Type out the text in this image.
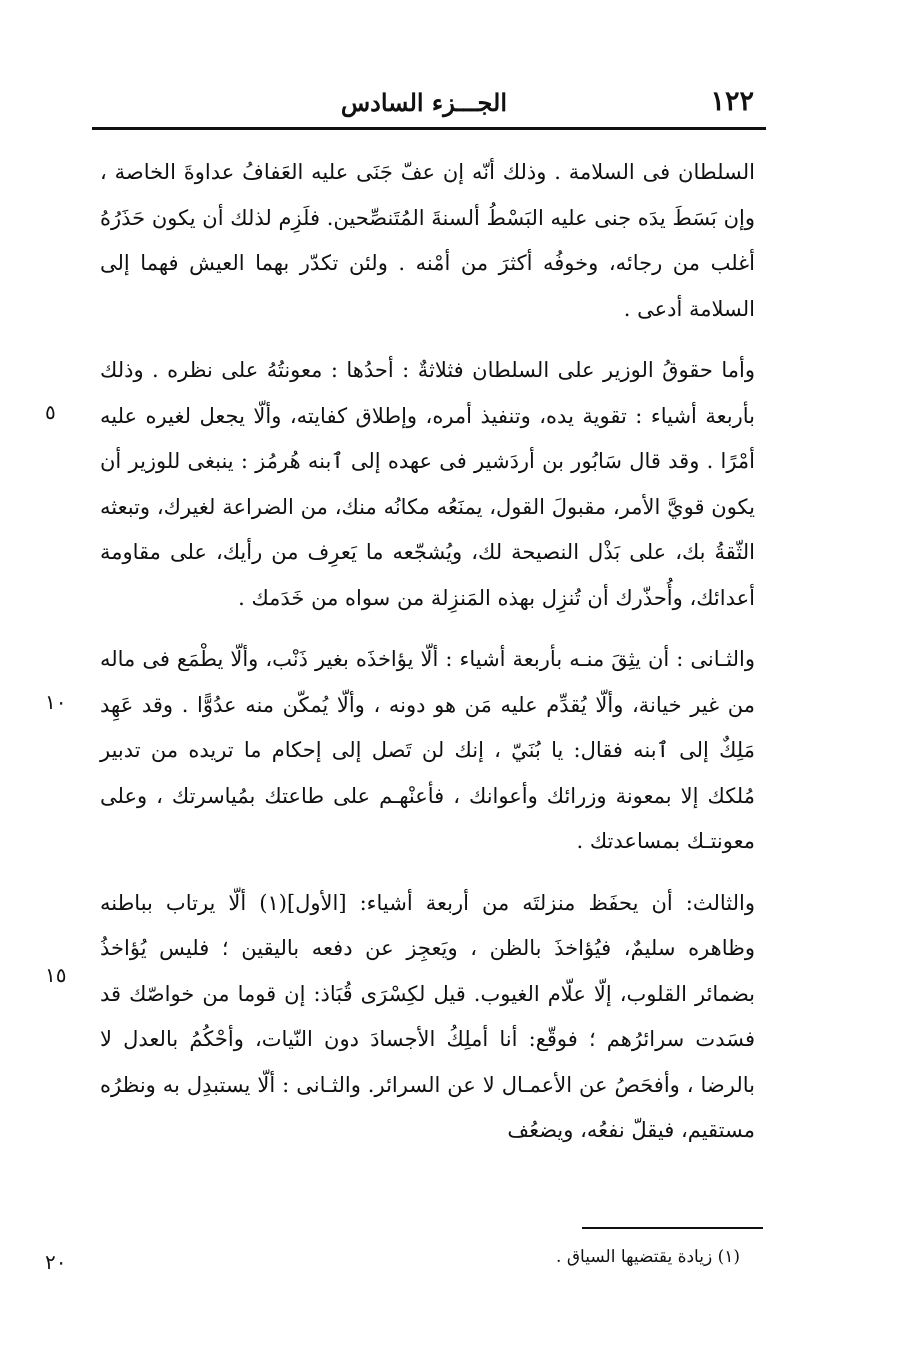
١٢٢
الجـــزء السادس

السلطان فى السلامة . وذلك أنّه إن عفّ جَنَى عليه العَفافُ عداوةَ الخاصة ، وإن بَسَطَ يدَه جنى عليه البَسْطُ ألسنةَ المُتَنصِّحين. فلَزِم لذلك أن يكون حَذَرُهُ أغلب من رجائه، وخوفُه أكثرَ من أمْنه . ولئن تكدّر بهما العيش فهما إلى السلامة أدعى .

وأما حقوقُ الوزير على السلطان فثلاثةٌ : أحدُها : معونتُهُ على نظره . وذلك بأربعة أشياء : تقوية يده، وتنفيذ أمره، وإطلاق كفايته، وألّا يجعل لغيره عليه أمْرًا . وقد قال سَابُور بن أردَشير فى عهده إلى ٱبنه هُرمُز : ينبغى للوزير أن يكون قويَّ الأمر، مقبولَ القول، يمنَعُه مكانُه منك، من الضراعة لغيرك، وتبعثه الثّقةُ بك، على بَذْل النصيحة لك، ويُشجّعه ما يَعرِف من رأيك، على مقاومة أعدائك، وأُحذّرك أن تُنزِل بهذه المَنزِلة من سواه من خَدَمك .

والثـانى : أن يثِقَ منـه بأربعة أشياء : ألّا يؤاخذَه بغير ذَنْب، وألّا يطْمَع فى ماله من غير خيانة، وألّا يُقدِّم عليه مَن هو دونه ، وألّا يُمكّن منه عدُوًّا . وقد عَهِد مَلِكٌ إلى ٱبنه فقال: يا بُنَيّ ، إنك لن تَصل إلى إحكام ما تريده من تدبير مُلكك إلا بمعونة وزرائك وأعوانك ، فأعنْهـم على طاعتك بمُياسرتك ، وعلى معونتـك بمساعدتك .

والثالث: أن يحفَظ منزلتَه من أربعة أشياء: [الأول](١) ألّا يرتاب بباطنه وظاهره سليمٌ، فيُؤاخذَ بالظن ، ويَعجِز عن دفعه باليقين ؛ فليس يُؤاخذُ بضمائر القلوب، إلّا علّام الغيوب. قيل لكِسْرَى قُبَاذ: إن قوما من خواصّك قد فسَدت سرائرُهم ؛ فوقّع: أنا أملِكُ الأجسادَ دون النّيات، وأحْكُمُ بالعدل لا بالرضا ، وأفحَصُ عن الأعمـال لا عن السرائر. والثـانى : ألّا يستبدِل به ونظرُه مستقيم، فيقلّ نفعُه، ويضعُف

٥
١٠
١٥
٢٠	(١) زيادة يقتضيها السياق .
